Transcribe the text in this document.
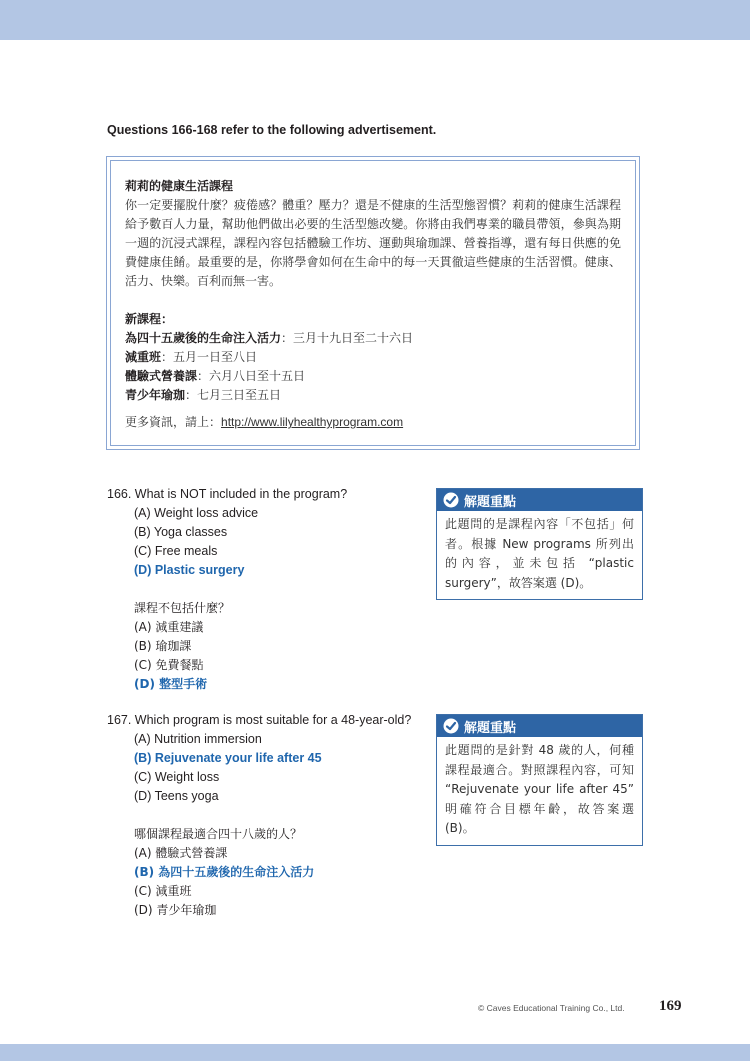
Questions 166-168 refer to the following advertisement.
莉莉的健康生活課程
你一定要擺脫什麼？疲倦感？體重？壓力？還是不健康的生活型態習慣？莉莉的健康生活課程給予數百人力量，幫助他們做出必要的生活型態改變。你將由我們專業的職員帶領，參與為期一週的沉浸式課程，課程內容包括體驗工作坊、運動與瑜珈課、營養指導，還有每日供應的免費健康佳餚。最重要的是，你將學會如何在生命中的每一天貫徹這些健康的生活習慣。健康、活力、快樂。百利而無一害。
新課程：
為四十五歲後的生命注入活力：三月十九日至二十六日
減重班：五月一日至八日
體驗式營養課：六月八日至十五日
青少年瑜珈：七月三日至五日
更多資訊，請上：http://www.lilyhealthyprogram.com
166. What is NOT included in the program?
(A) Weight loss advice
(B) Yoga classes
(C) Free meals
(D) Plastic surgery
課程不包括什麼？
(A) 減重建議
(B) 瑜珈課
(C) 免費餐點
(D) 整型手術
解題重點
此題問的是課程內容「不包括」何者。根據 New programs 所列出的內容，並未包括 “plastic surgery”，故答案選 (D)。
167. Which program is most suitable for a 48-year-old?
(A) Nutrition immersion
(B) Rejuvenate your life after 45
(C) Weight loss
(D) Teens yoga
哪個課程最適合四十八歲的人？
(A) 體驗式營養課
(B) 為四十五歲後的生命注入活力
(C) 減重班
(D) 青少年瑜珈
解題重點
此題問的是針對 48 歲的人，何種課程最適合。對照課程內容，可知 “Rejuvenate your life after 45” 明確符合目標年齡，故答案選 (B)。
© Caves Educational Training Co., Ltd. 169
